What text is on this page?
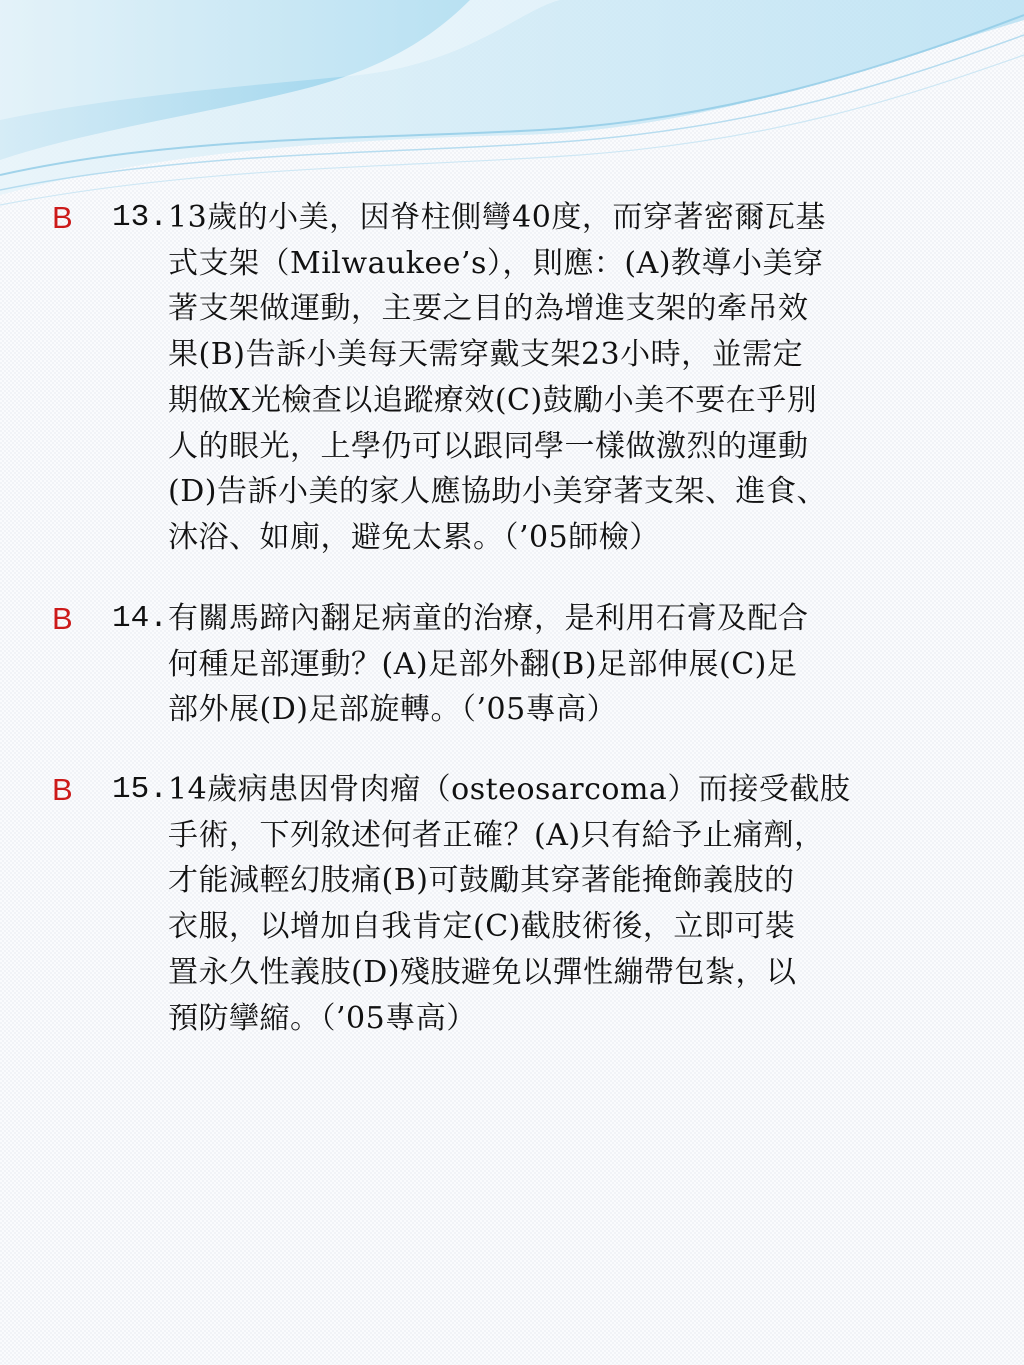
B 13. 13歲的小美，因脊柱側彎40度，而穿著密爾瓦基
式支架（Milwaukee’s），則應：(A)教導小美穿
著支架做運動，主要之目的為增進支架的牽吊效
果(B)告訴小美每天需穿戴支架23小時，並需定
期做X光檢查以追蹤療效(C)鼓勵小美不要在乎別
人的眼光，上學仍可以跟同學一樣做激烈的運動
(D)告訴小美的家人應協助小美穿著支架、進食、
沐浴、如廁，避免太累。（’05師檢）
B 14. 有關馬蹄內翻足病童的治療，是利用石膏及配合
何種足部運動？(A)足部外翻(B)足部伸展(C)足
部外展(D)足部旋轉。（’05專高）
B 15. 14歲病患因骨肉瘤（osteosarcoma）而接受截肢
手術，下列敘述何者正確？(A)只有給予止痛劑，
才能減輕幻肢痛(B)可鼓勵其穿著能掩飾義肢的
衣服，以增加自我肯定(C)截肢術後，立即可裝
置永久性義肢(D)殘肢避免以彈性繃帶包紮，以
預防攣縮。（’05專高）
